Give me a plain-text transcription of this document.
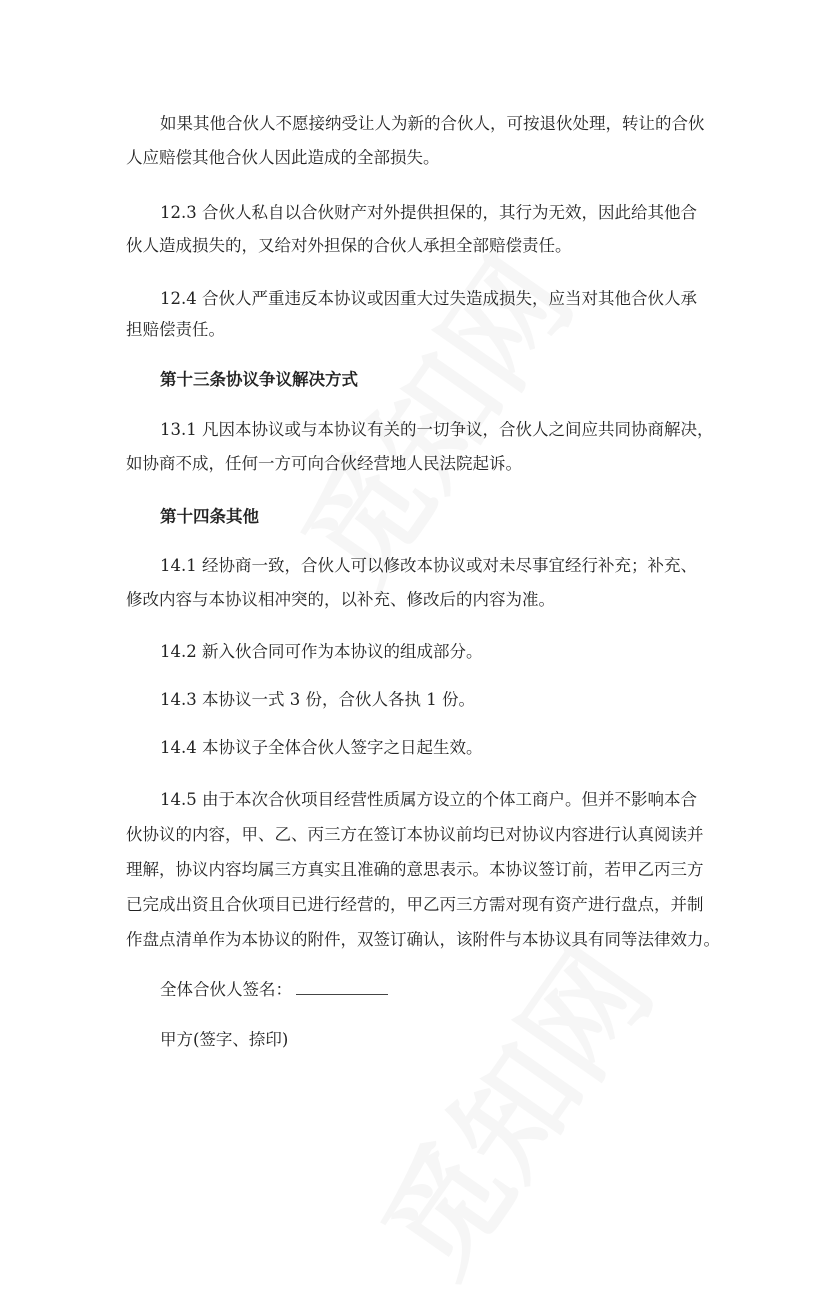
如果其他合伙人不愿接纳受让人为新的合伙人，可按退伙处理，转让的合伙
人应赔偿其他合伙人因此造成的全部损失。
12.3 合伙人私自以合伙财产对外提供担保的，其行为无效，因此给其他合
伙人造成损失的，又给对外担保的合伙人承担全部赔偿责任。
12.4 合伙人严重违反本协议或因重大过失造成损失，应当对其他合伙人承
担赔偿责任。
第十三条协议争议解决方式
13.1 凡因本协议或与本协议有关的一切争议，合伙人之间应共同协商解决，
如协商不成，任何一方可向合伙经营地人民法院起诉。
第十四条其他
14.1 经协商一致，合伙人可以修改本协议或对未尽事宜经行补充；补充、
修改内容与本协议相冲突的，以补充、修改后的内容为准。
14.2 新入伙合同可作为本协议的组成部分。
14.3 本协议一式 3 份，合伙人各执 1 份。
14.4 本协议子全体合伙人签字之日起生效。
14.5 由于本次合伙项目经营性质属方设立的个体工商户。但并不影响本合
伙协议的内容，甲、乙、丙三方在签订本协议前均已对协议内容进行认真阅读并
理解，协议内容均属三方真实且准确的意思表示。本协议签订前，若甲乙丙三方
已完成出资且合伙项目已进行经营的，甲乙丙三方需对现有资产进行盘点，并制
作盘点清单作为本协议的附件，双签订确认，该附件与本协议具有同等法律效力。
全体合伙人签名：
甲方(签字、捺印)
